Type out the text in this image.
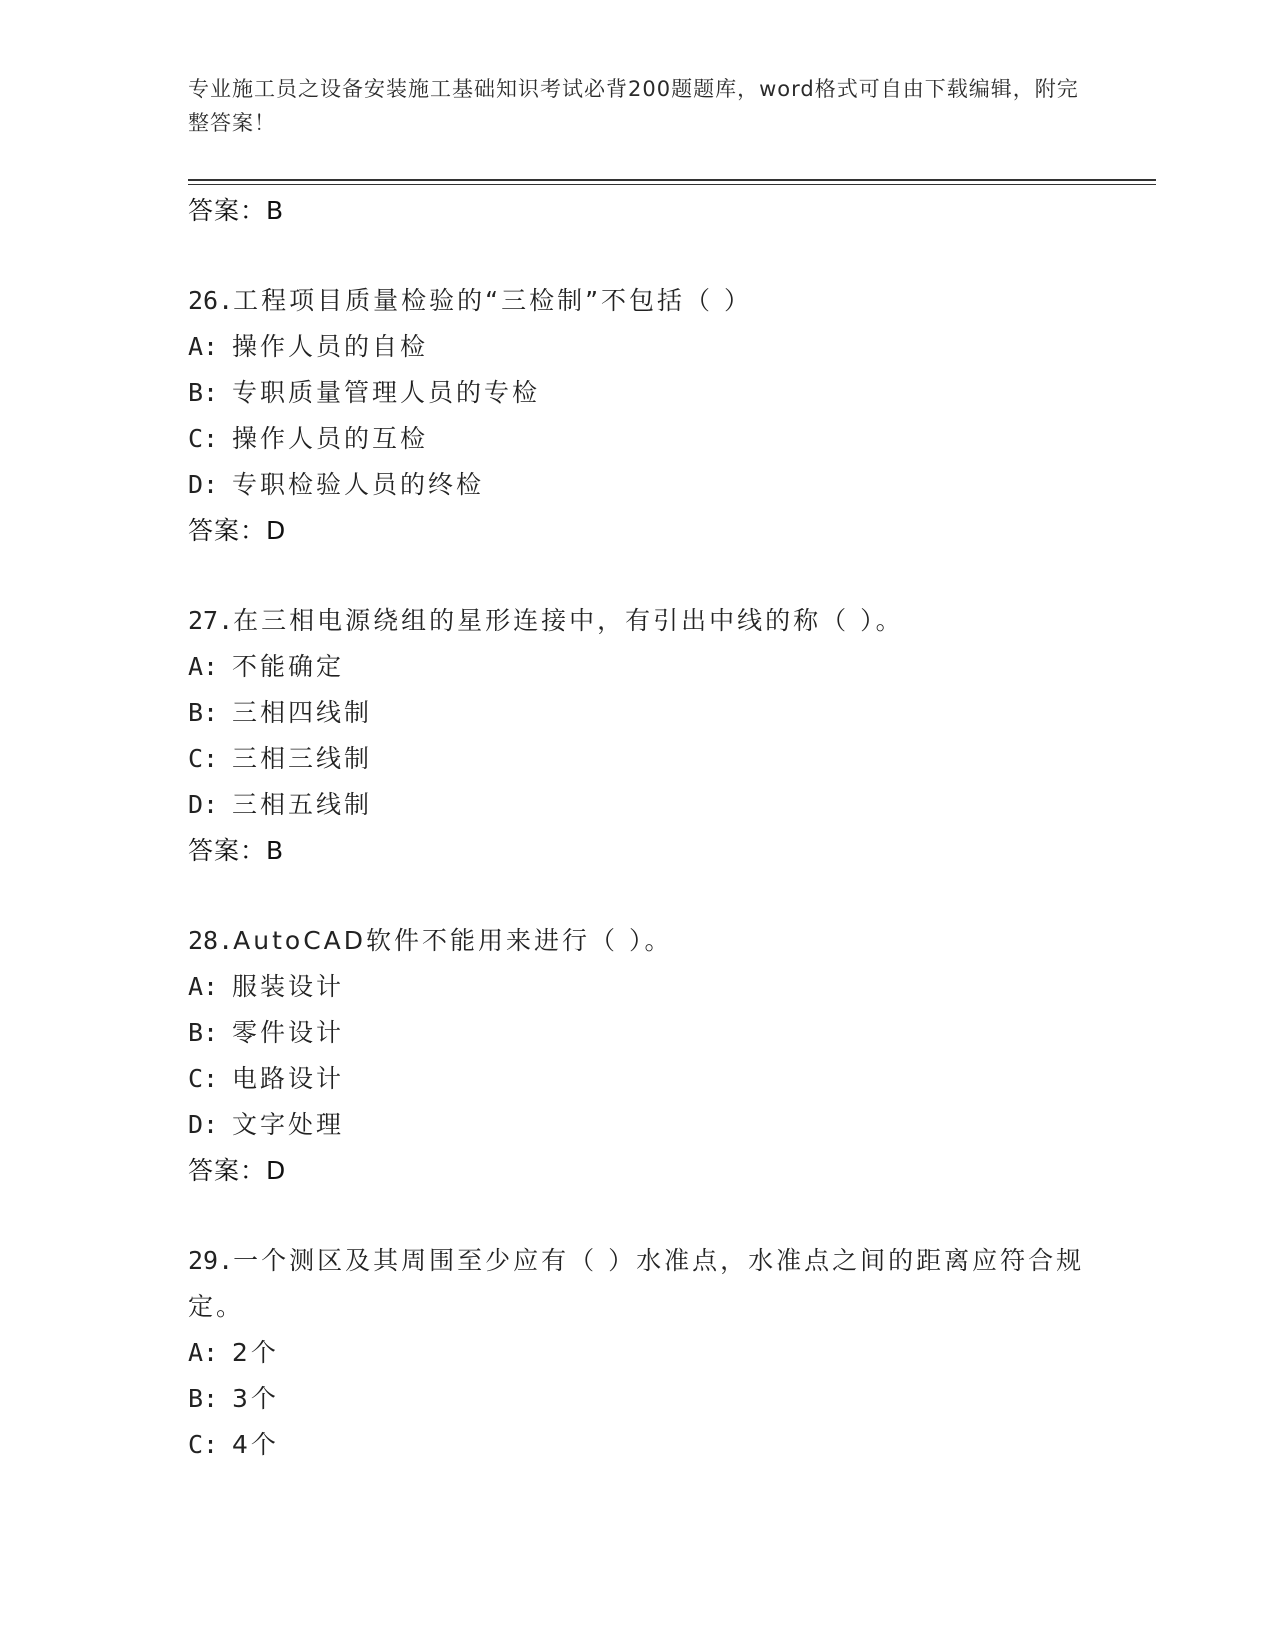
专业施工员之设备安装施工基础知识考试必背200题题库，word格式可自由下载编辑，附完整答案！
答案：B
26.工程项目质量检验的“三检制”不包括（ ）
A: 操作人员的自检
B: 专职质量管理人员的专检
C: 操作人员的互检
D: 专职检验人员的终检
答案：D
27.在三相电源绕组的星形连接中，有引出中线的称（ ）。
A: 不能确定
B: 三相四线制
C: 三相三线制
D: 三相五线制
答案：B
28.AutoCAD软件不能用来进行（ ）。
A: 服装设计
B: 零件设计
C: 电路设计
D: 文字处理
答案：D
29.一个测区及其周围至少应有（ ）水准点，水准点之间的距离应符合规定。
A: 2个
B: 3个
C: 4个
